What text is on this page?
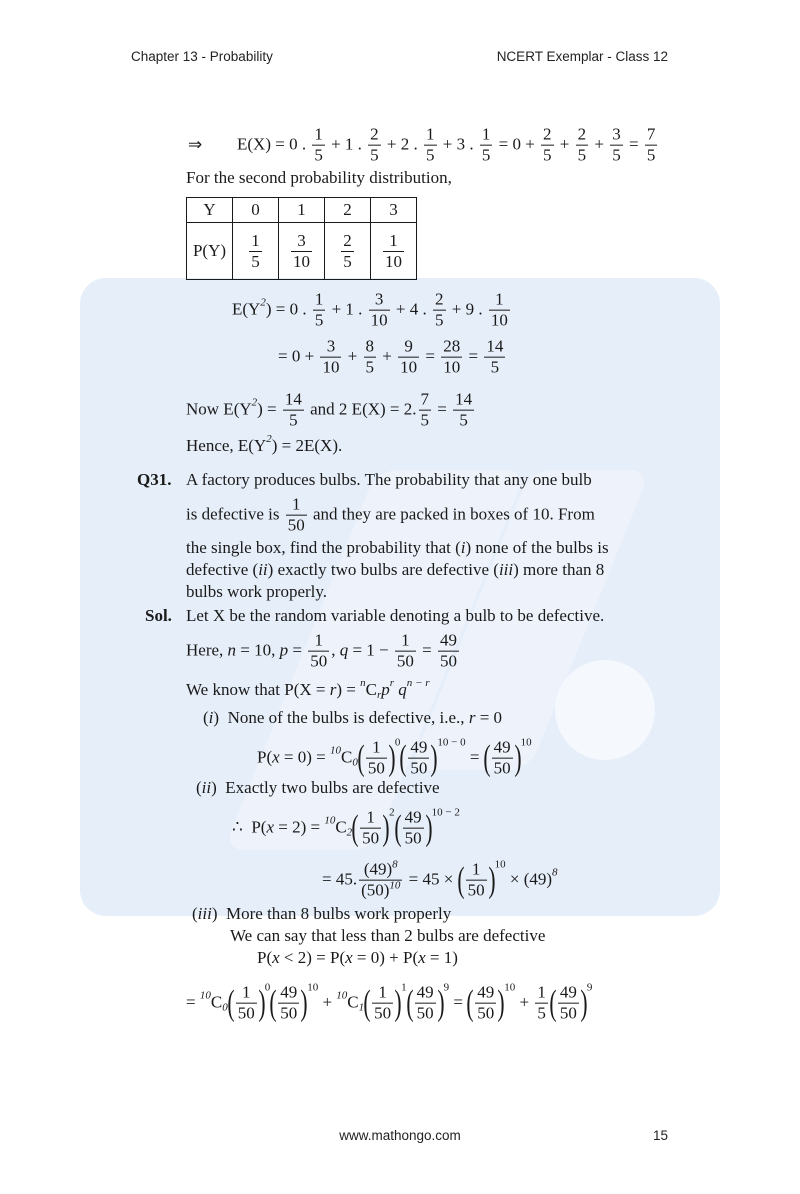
Chapter 13 - Probability	NCERT Exemplar - Class 12
Y	0	1	2	3
P(Y)	$\frac{1}{5}$	$\frac{3}{10}$	$\frac{2}{5}$	$\frac{1}{10}$
⇒ E(X) = 0 . $\frac{1}{5} + 1$ . $\frac{2}{5} + 2$ . $\frac{1}{5} + 3$ . $\frac{1}{5} = 0 + \frac{2}{5} + \frac{2}{5} + \frac{3}{5} = \frac{7}{5}$
For the second probability distribution,
E(Y 2 ) = 0 . $\frac{1}{5} + 1$ . $\frac{3}{10} + 4$ . $\frac{2}{5} + 9$ . $\frac{1}{10}$
= $0 + \frac{3}{10} + \frac{8}{5} + \frac{9}{10} = \frac{28}{10} = \frac{14}{5}$
Now E(Y 2 ) = $\frac{14}{5}$ and 2 E(X) = 2. $\frac{7}{5} = \frac{14}{5}$
Hence, E(Y 2 ) = 2E(X).
Q31. A factory produces bulbs. The probability that any one bulb
is defective is $\frac{1}{50}$ and they are packed in boxes of 10. From
the single box, find the probability that ( i ) none of the bulbs is
defective ( ii ) exactly two bulbs are defective ( iii ) more than 8
bulbs work properly.
Sol. Let X be the random variable denoting a bulb to be defective.
Here, n = 10, $p = \frac{1}{50}$ , $q = 1 - \frac{1}{50} = \frac{49}{50}$
We know that P(X = r ) = n C r p r
q n − r
( i )  None of the bulbs is defective, i.e., r = 0
P( x = 0) = 10 C 0 ( $\frac{1}{50}$ ) 0 ( $\frac{49}{50}$ ) 10 − 0
= ( $\frac{49}{50}$ ) 10
( ii )  Exactly two bulbs are defective
∴  P( x = 2) = 10 C 2 ( $\frac{1}{50}$ ) 2 ( $\frac{49}{50}$ ) 10 − 2
= 45. $\frac{(49)^8}{(50)^{10}} = 45$ × ( $\frac{1}{50}$ ) 10
× (49) 8
( iii )  More than 8 bulbs work properly
We can say that less than 2 bulbs are defective
P( x < 2) = P( x = 0) + P( x = 1)
= 10 C 0 ( $\frac{1}{50}$ ) 0 ( $\frac{49}{50}$ ) 10
+ 10 C 1 ( $\frac{1}{50}$ ) 1 ( $\frac{49}{50}$ ) 9
= ( $\frac{49}{50}$ ) 10
+ $\frac{1}{5}$ ( $\frac{49}{50}$ ) 9
www.mathongo.com	15
